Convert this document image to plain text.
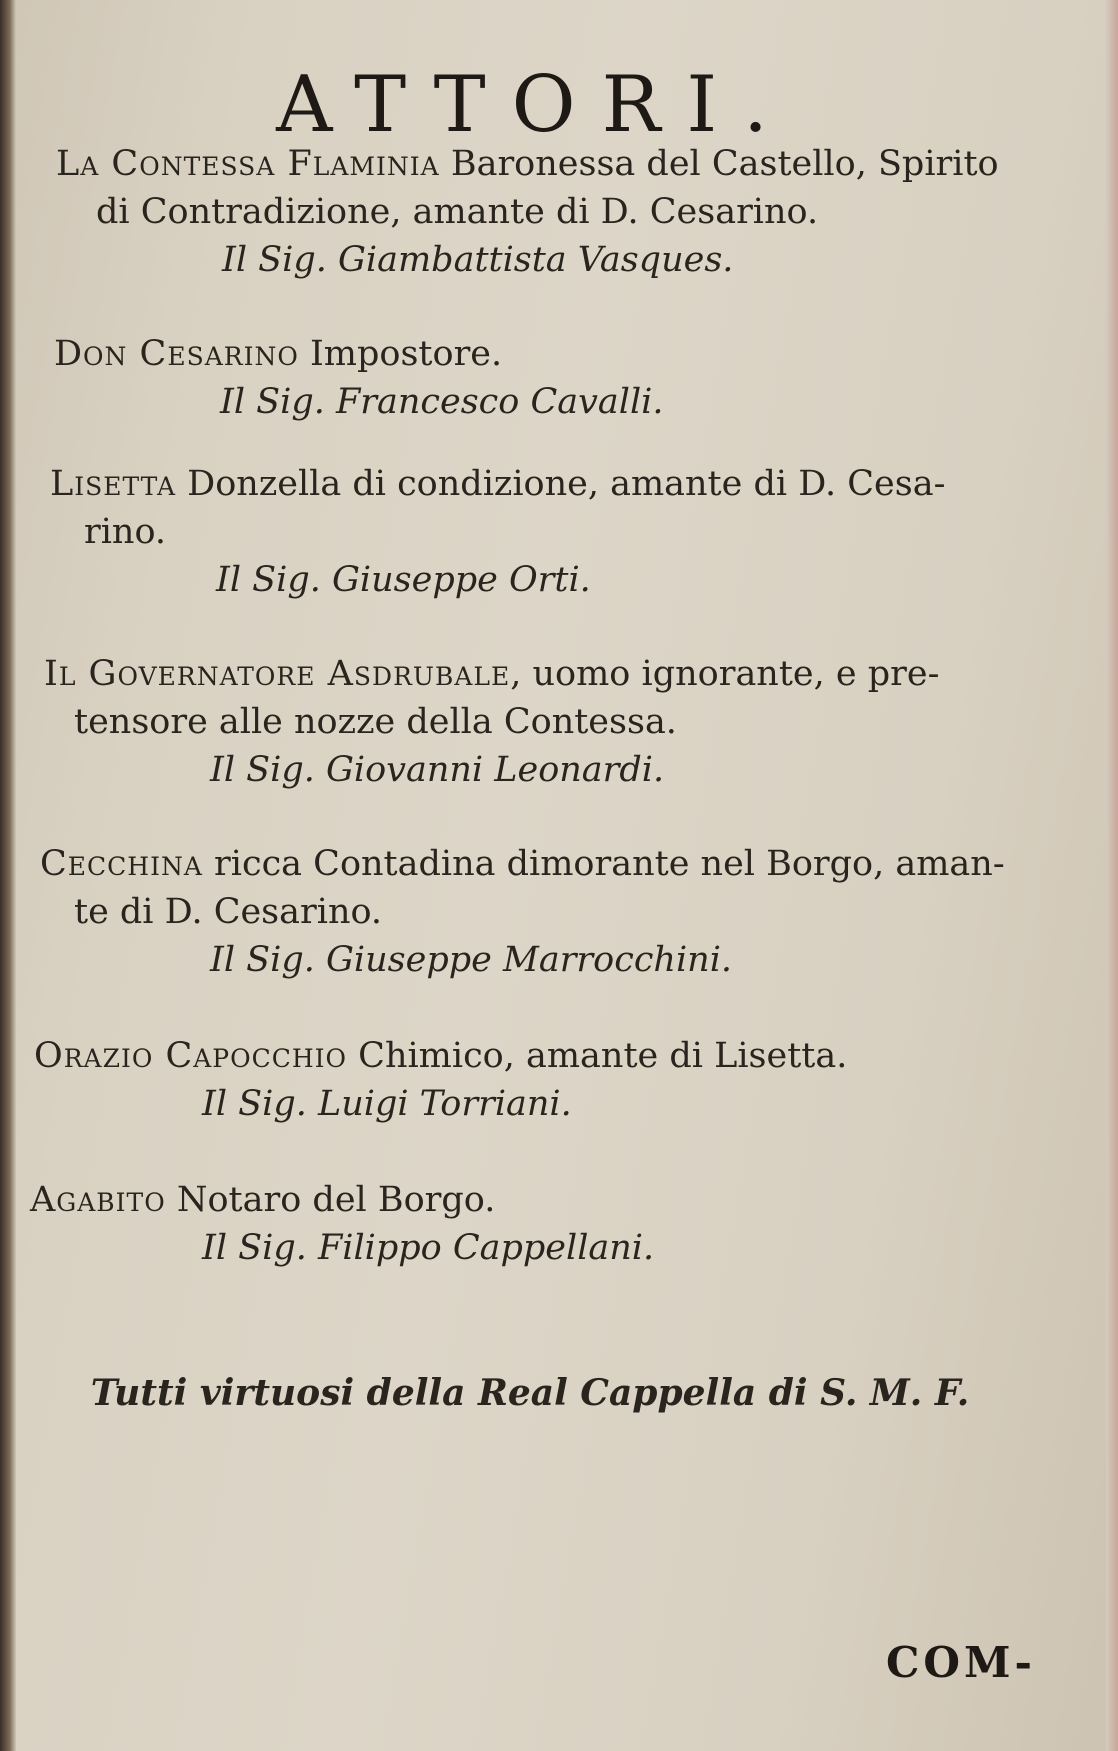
ATTORI.
La Contessa Flaminia Baronessa del Castello, Spirito
di Contradizione, amante di D. Cesarino.
Il Sig. Giambattista Vasques.
Don Cesarino Impostore.
Il Sig. Francesco Cavalli.
Lisetta Donzella di condizione, amante di D. Cesa-
rino.
Il Sig. Giuseppe Orti.
Il Governatore Asdrubale, uomo ignorante, e pre-
tensore alle nozze della Contessa.
Il Sig. Giovanni Leonardi.
Cecchina ricca Contadina dimorante nel Borgo, aman-
te di D. Cesarino.
Il Sig. Giuseppe Marrocchini.
Orazio Capocchio Chimico, amante di Lisetta.
Il Sig. Luigi Torriani.
Agabito Notaro del Borgo.
Il Sig. Filippo Cappellani.
Tutti virtuosi della Real Cappella di S. M. F.
COM-
